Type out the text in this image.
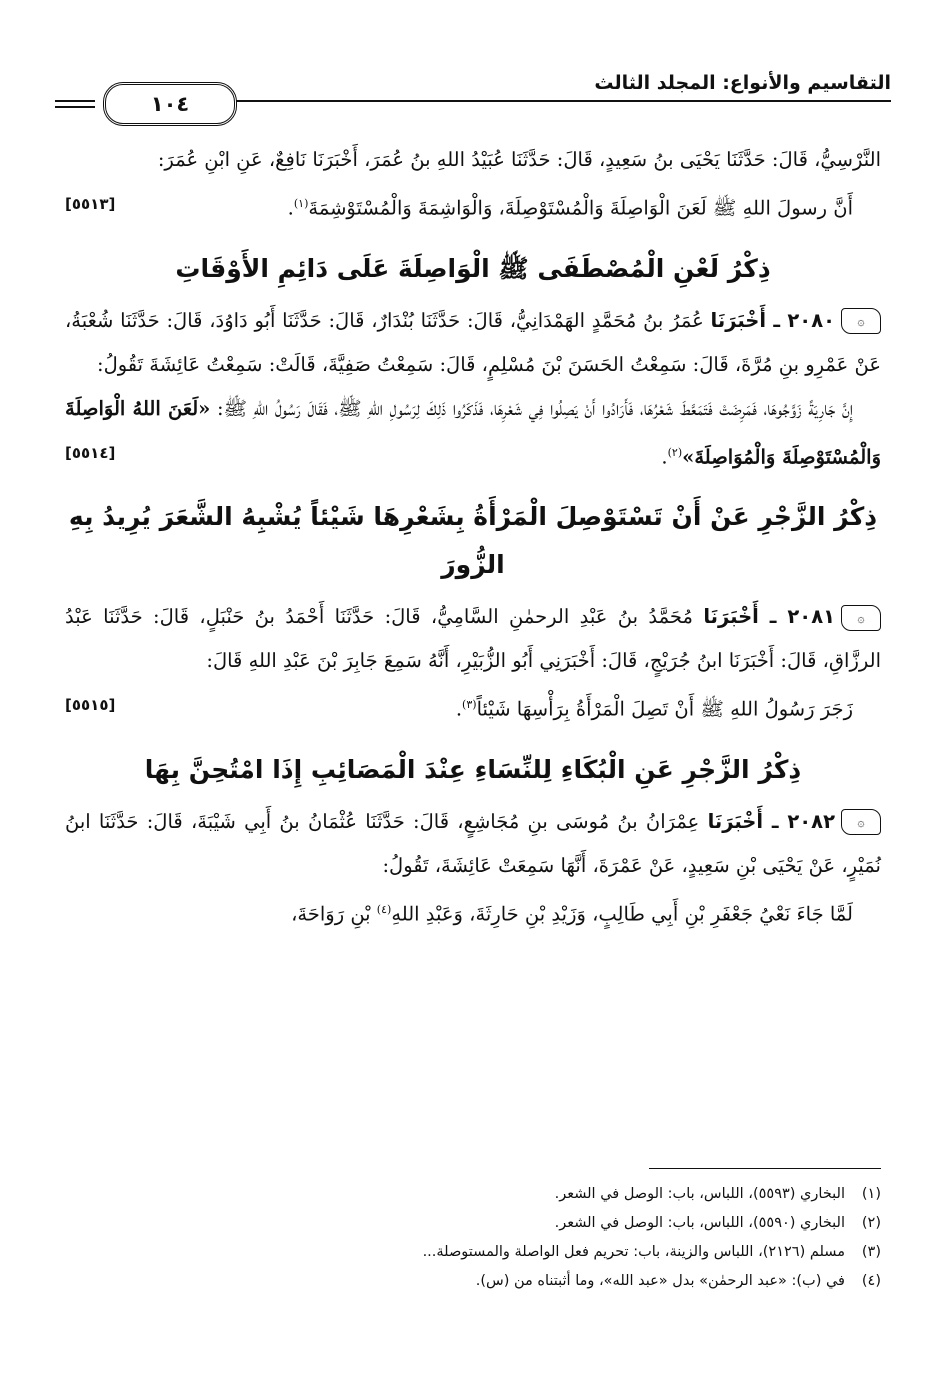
التقاسيم والأنواع: المجلد الثالث
١٠٤

النَّرْسِيُّ، قَالَ: حَدَّثَنَا يَحْيَى بنُ سَعِيدٍ، قَالَ: حَدَّثَنَا عُبَيْدُ اللهِ بنُ عُمَرَ، أَخْبَرَنَا نَافِعٌ، عَنِ ابْنِ عُمَرَ:

أَنَّ رسولَ اللهِ ﷺ لَعَنَ الْوَاصِلَةَ وَالْمُسْتَوْصِلَةَ، وَالْوَاشِمَةَ وَالْمُسْتَوْشِمَةَ$^{(١)}$.
[٥٥١٣]

ذِكْرُ لَعْنِ الْمُصْطَفَى ﷺ الْوَاصِلَةَ عَلَى دَائِمِ الأَوْقَاتِ

۞٢٠٨٠ ـ أَخْبَرَنَا عُمَرُ بنُ مُحَمَّدٍ الهَمْدَانِيُّ، قَالَ: حَدَّثَنَا بُنْدَارٌ، قَالَ: حَدَّثَنَا أَبُو دَاوُدَ، قَالَ: حَدَّثَنَا شُعْبَةُ، عَنْ عَمْرِو بنِ مُرَّةَ، قَالَ: سَمِعْتُ الحَسَنَ بْنَ مُسْلِمٍ، قَالَ: سَمِعْتُ صَفِيَّةَ، قَالَتْ: سَمِعْتُ عَائِشَةَ تَقُولُ:

إِنَّ جَارِيَةً زَوَّجُوهَا، فَمَرِضَتْ فَتَمَعَّطَ شَعْرُهَا، فَأَرَادُوا أَنْ يَصِلُوا فِي شَعْرِهَا، فَذَكَرُوا ذَلِكَ لِرَسُولِ اللهِ ﷺ، فَقَالَ رَسُولُ اللهِ ﷺ: «لَعَنَ اللهُ الْوَاصِلَةَ وَالْمُسْتَوْصِلَةَ وَالْمُوَاصِلَةَ»$^{(٢)}$.
[٥٥١٤]

ذِكْرُ الزَّجْرِ عَنْ أَنْ تَسْتَوْصِلَ الْمَرْأَةُ بِشَعْرِهَا شَيْئاً يُشْبِهُ الشَّعَرَ يُرِيدُ بِهِ الزُّورَ

۞٢٠٨١ ـ أَخْبَرَنَا مُحَمَّدُ بنُ عَبْدِ الرحمٰنِ السَّامِيُّ، قَالَ: حَدَّثَنَا أَحْمَدُ بنُ حَنْبَلٍ، قَالَ: حَدَّثَنَا عَبْدُ الرزَّاقِ، قَالَ: أَخْبَرَنَا ابنُ جُرَيْجٍ، قَالَ: أَخْبَرَنِي أَبُو الزُّبَيْرِ، أَنَّهُ سَمِعَ جَابِرَ بْنَ عَبْدِ اللهِ قَالَ:

زَجَرَ رَسُولُ اللهِ ﷺ أَنْ تَصِلَ الْمَرْأَةُ بِرَأْسِهَا شَيْئاً$^{(٣)}$.
[٥٥١٥]

ذِكْرُ الزَّجْرِ عَنِ الْبُكَاءِ لِلنِّسَاءِ عِنْدَ الْمَصَائِبِ إِذَا امْتُحِنَّ بِهَا

۞٢٠٨٢ ـ أَخْبَرَنَا عِمْرَانُ بنُ مُوسَى بنِ مُجَاشِعٍ، قَالَ: حَدَّثَنَا عُثْمَانُ بنُ أَبِي شَيْبَةَ، قَالَ: حَدَّثَنَا ابنُ نُمَيْرٍ، عَنْ يَحْيَى بْنِ سَعِيدٍ، عَنْ عَمْرَةَ، أَنَّهَا سَمِعَتْ عَائِشَةَ، تَقُولُ:

لَمَّا جَاءَ نَعْيُ جَعْفَرِ بْنِ أَبِي طَالِبٍ، وَزَيْدِ بْنِ حَارِثَةَ، وَعَبْدِ اللهِ$^{(٤)}$ بْنِ رَوَاحَةَ،

(١)البخاري (٥٥٩٣)، اللباس، باب: الوصل في الشعر.

(٢)البخاري (٥٥٩٠)، اللباس، باب: الوصل في الشعر.

(٣)مسلم (٢١٢٦)، اللباس والزينة، باب: تحريم فعل الواصلة والمستوصلة...

(٤)في (ب): «عبد الرحمٰن» بدل «عبد الله»، وما أثبتناه من (س).
